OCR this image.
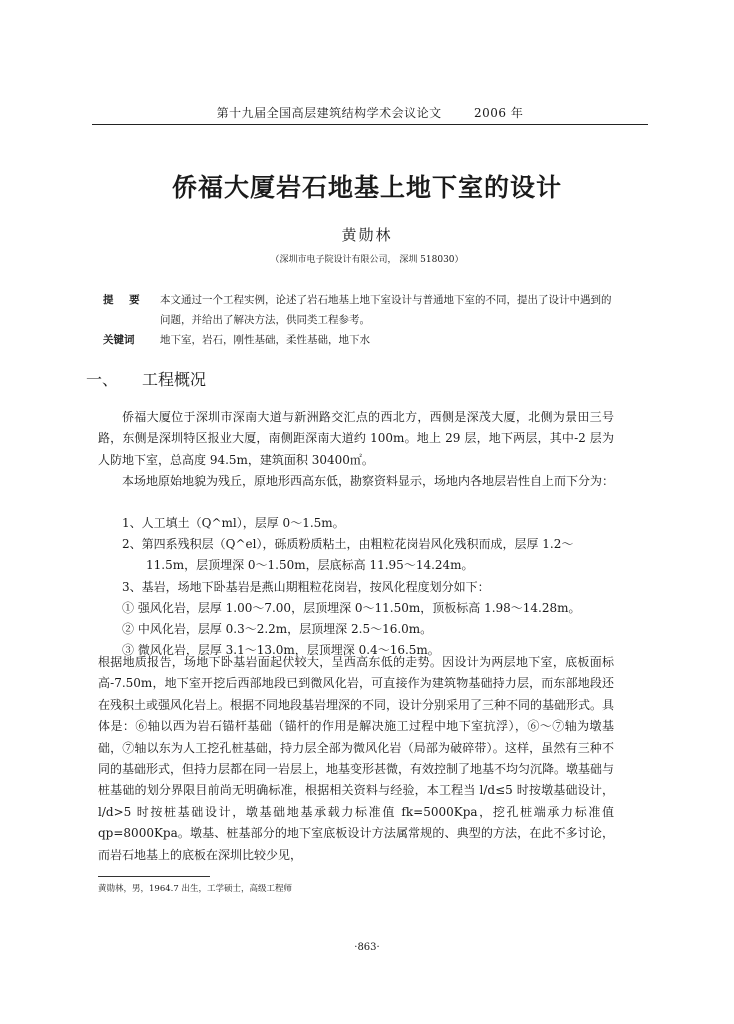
第十九届全国高层建筑结构学术会议论文	2006 年
侨福大厦岩石地基上地下室的设计
黄勋林
（深圳市电子院设计有限公司， 深圳 518030）
提 要 本文通过一个工程实例，论述了岩石地基上地下室设计与普通地下室的不同，提出了设计中遇到的问题，并给出了解决方法，供同类工程参考。
关键词 地下室，岩石，刚性基础，柔性基础，地下水
一、 工程概况
侨福大厦位于深圳市深南大道与新洲路交汇点的西北方，西侧是深茂大厦，北侧为景田三号路，东侧是深圳特区报业大厦，南侧距深南大道约 100m。地上 29 层，地下两层，其中-2 层为人防地下室，总高度 94.5m，建筑面积 30400㎡。
本场地原始地貌为残丘，原地形西高东低，勘察资料显示，场地内各地层岩性自上而下分为：
1、人工填土（Q^ml），层厚 0～1.5m。
2、第四系残积层（Q^el），砾质粉质粘土，由粗粒花岗岩风化残积而成，层厚 1.2～
11.5m，层顶埋深 0～1.50m，层底标高 11.95～14.24m。
3、基岩，场地下卧基岩是燕山期粗粒花岗岩，按风化程度划分如下：
① 强风化岩，层厚 1.00～7.00，层顶埋深 0～11.50m，顶板标高 1.98～14.28m。
② 中风化岩，层厚 0.3～2.2m，层顶埋深 2.5～16.0m。
③ 微风化岩，层厚 3.1～13.0m，层顶埋深 0.4～16.5m。
根据地质报告，场地下卧基岩面起伏较大，呈西高东低的走势。因设计为两层地下室，底板面标高-7.50m，地下室开挖后西部地段已到微风化岩，可直接作为建筑物基础持力层，而东部地段还在残积土或强风化岩上。根据不同地段基岩埋深的不同，设计分别采用了三种不同的基础形式。具体是：⑥轴以西为岩石锚杆基础（锚杆的作用是解决施工过程中地下室抗浮），⑥～⑦轴为墩基础，⑦轴以东为人工挖孔桩基础，持力层全部为微风化岩（局部为破碎带）。这样，虽然有三种不同的基础形式，但持力层都在同一岩层上，地基变形甚微，有效控制了地基不均匀沉降。墩基础与桩基础的划分界限目前尚无明确标准，根据相关资料与经验，本工程当 l/d≤5 时按墩基础设计，l/d>5 时按桩基础设计，墩基础地基承载力标准值 fk=5000Kpa，挖孔桩端承力标准值 qp=8000Kpa。墩基、桩基部分的地下室底板设计方法属常规的、典型的方法，在此不多讨论，而岩石地基上的底板在深圳比较少见，
黄勋林，男，1964.7 出生，工学硕士，高级工程师
·863·
